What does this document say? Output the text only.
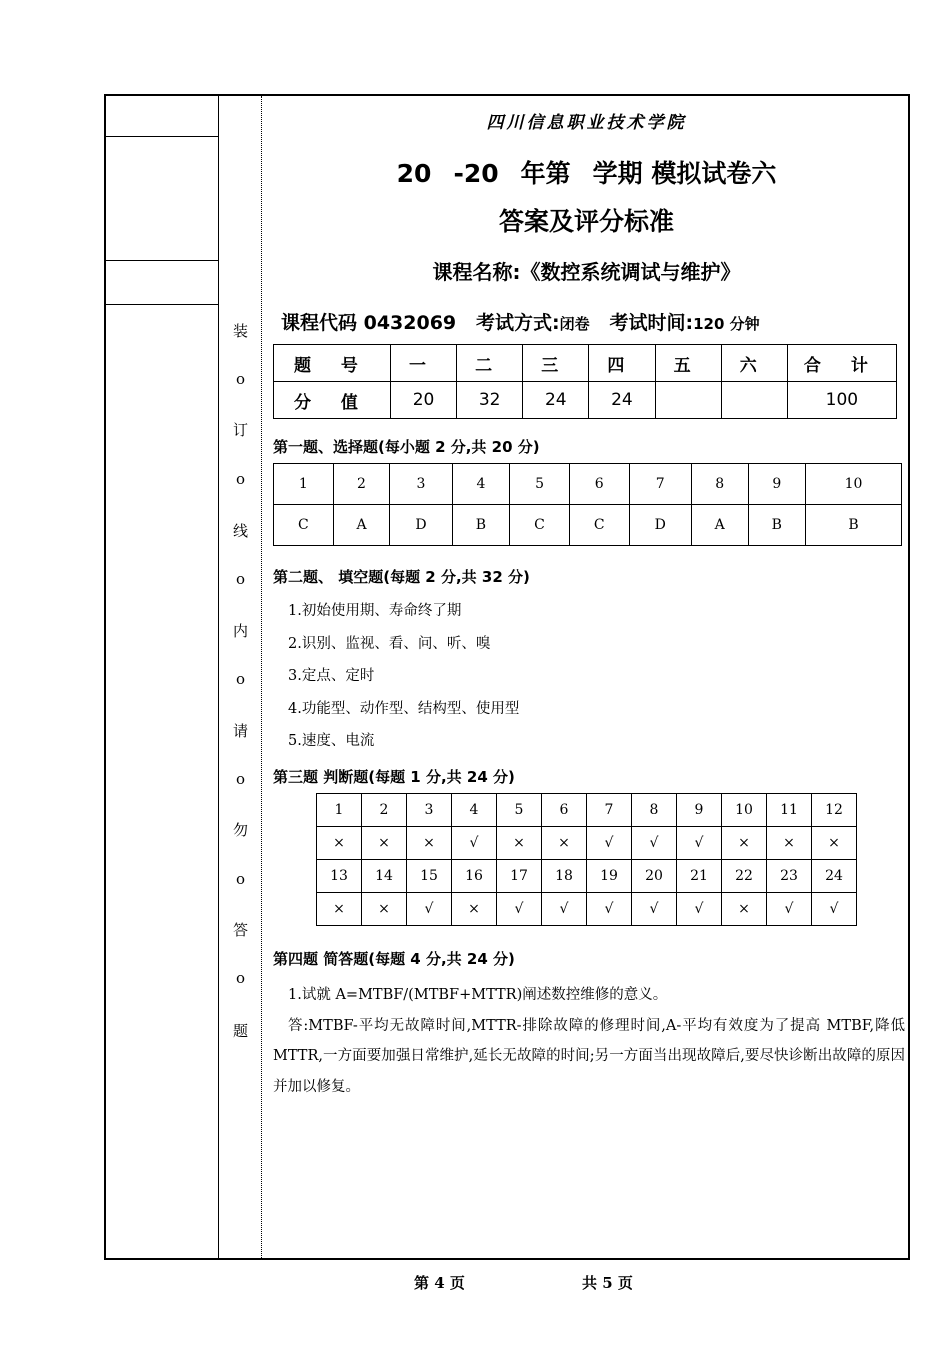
装
o
订
o
线
o
内
o
请
o
勿
o
答
o
题
四川信息职业技术学院
20 -20 年第 学期 模拟试卷六
答案及评分标准
课程名称:《数控系统调试与维护》
课程代码 0432069 考试方式:闭卷 考试时间:120 分钟
题 号	一	二	三	四	五	六	合 计
分 值	20	32	24	24			100
第一题、选择题(每小题 2 分,共 20 分)
1	2	3	4	5	6	7	8	9	10
C	A	D	B	C	C	D	A	B	B
第二题、 填空题(每题 2 分,共 32 分)
1.初始使用期、寿命终了期
2.识别、监视、看、问、听、嗅
3.定点、定时
4.功能型、动作型、结构型、使用型
5.速度、电流
第三题 判断题(每题 1 分,共 24 分)
1	2	3	4	5	6	7	8	9	10	11	12
×	×	×	√	×	×	√	√	√	×	×	×
13	14	15	16	17	18	19	20	21	22	23	24
×	×	√	×	√	√	√	√	√	×	√	√
第四题 简答题(每题 4 分,共 24 分)
1.试就 A=MTBF/(MTBF+MTTR)阐述数控维修的意义。
答:MTBF-平均无故障时间,MTTR-排除故障的修理时间,A-平均有效度为了提高 MTBF,降低 MTTR,一方面要加强日常维护,延长无故障的时间;另一方面当出现故障后,要尽快诊断出故障的原因并加以修复。
第 4 页	共 5 页
